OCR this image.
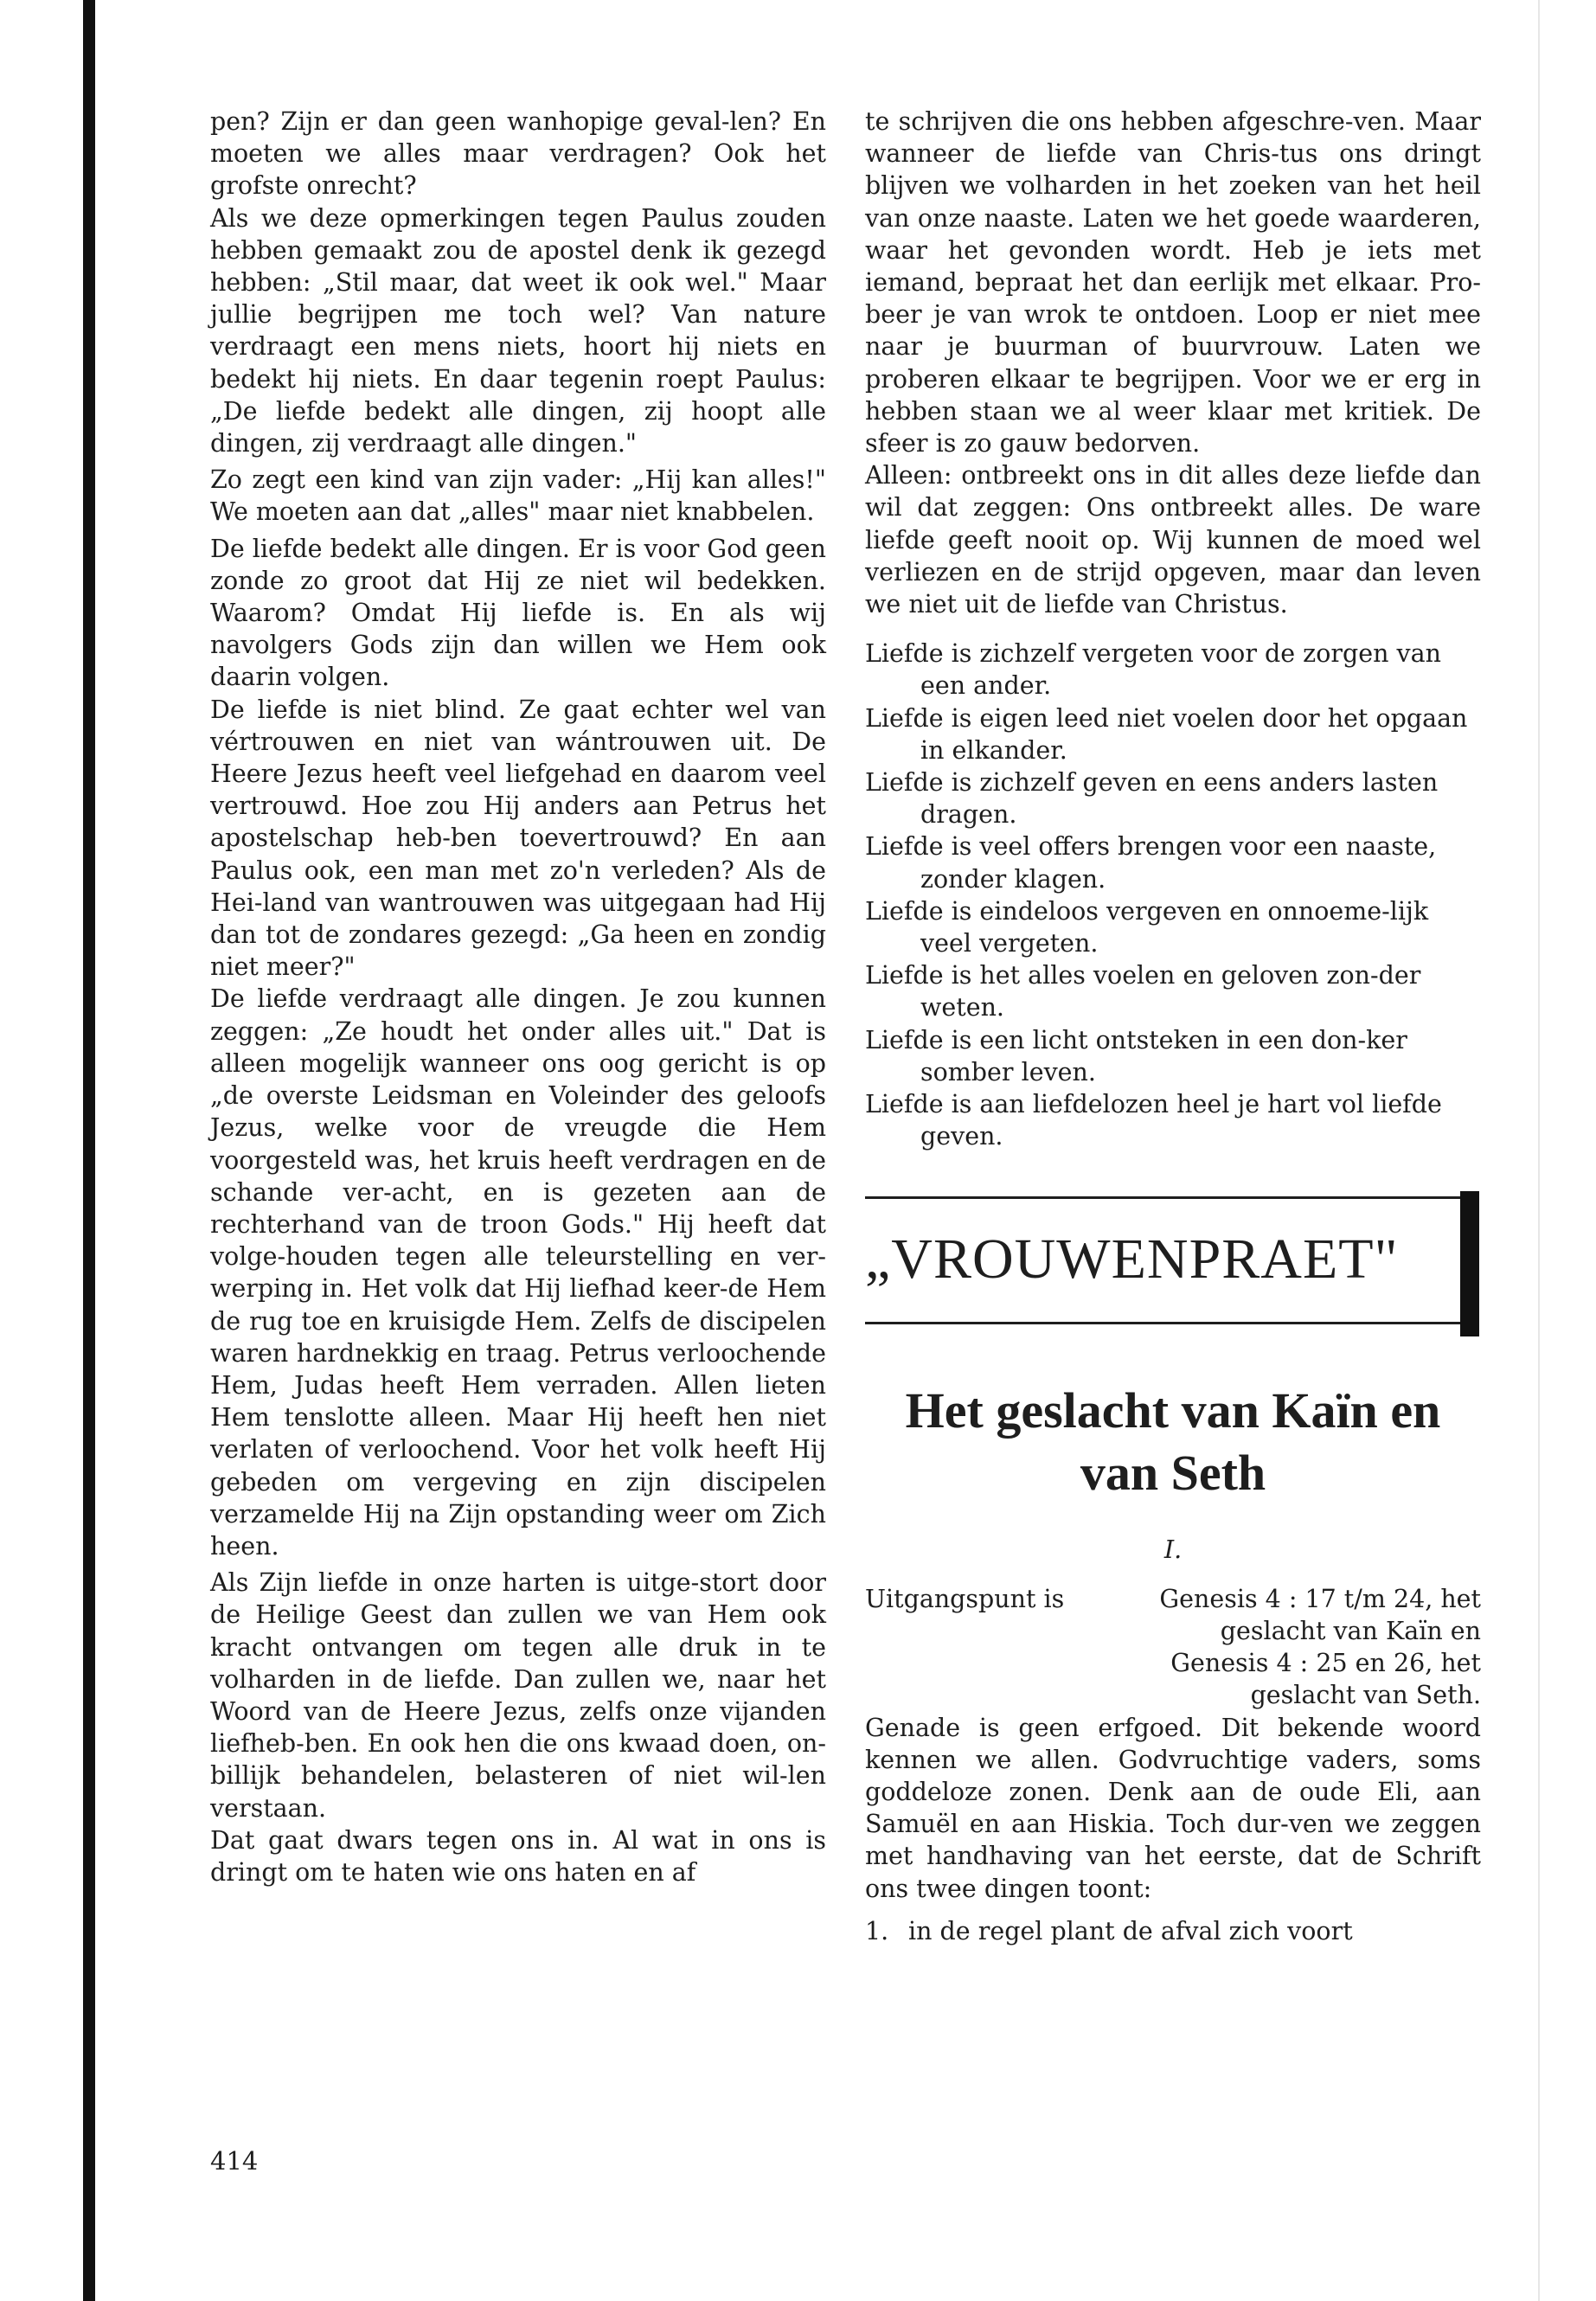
pen? Zijn er dan geen wanhopige geval-len? En moeten we alles maar verdragen? Ook het grofste onrecht?

Als we deze opmerkingen tegen Paulus zouden hebben gemaakt zou de apostel denk ik gezegd hebben: „Stil maar, dat weet ik ook wel." Maar jullie begrijpen me toch wel? Van nature verdraagt een mens niets, hoort hij niets en bedekt hij niets. En daar tegenin roept Paulus: „De liefde bedekt alle dingen, zij hoopt alle dingen, zij verdraagt alle dingen."

Zo zegt een kind van zijn vader: „Hij kan alles!" We moeten aan dat „alles" maar niet knabbelen.

De liefde bedekt alle dingen. Er is voor God geen zonde zo groot dat Hij ze niet wil bedekken. Waarom? Omdat Hij liefde is. En als wij navolgers Gods zijn dan willen we Hem ook daarin volgen.

De liefde is niet blind. Ze gaat echter wel van vértrouwen en niet van wántrouwen uit. De Heere Jezus heeft veel liefgehad en daarom veel vertrouwd. Hoe zou Hij anders aan Petrus het apostelschap heb-ben toevertrouwd? En aan Paulus ook, een man met zo'n verleden? Als de Hei-land van wantrouwen was uitgegaan had Hij dan tot de zondares gezegd: „Ga heen en zondig niet meer?"

De liefde verdraagt alle dingen. Je zou kunnen zeggen: „Ze houdt het onder alles uit." Dat is alleen mogelijk wanneer ons oog gericht is op „de overste Leidsman en Voleinder des geloofs Jezus, welke voor de vreugde die Hem voorgesteld was, het kruis heeft verdragen en de schande ver-acht, en is gezeten aan de rechterhand van de troon Gods." Hij heeft dat volge-houden tegen alle teleurstelling en ver-werping in. Het volk dat Hij liefhad keer-de Hem de rug toe en kruisigde Hem. Zelfs de discipelen waren hardnekkig en traag. Petrus verloochende Hem, Judas heeft Hem verraden. Allen lieten Hem tenslotte alleen. Maar Hij heeft hen niet verlaten of verloochend. Voor het volk heeft Hij gebeden om vergeving en zijn discipelen verzamelde Hij na Zijn opstanding weer om Zich heen.

Als Zijn liefde in onze harten is uitge-stort door de Heilige Geest dan zullen we van Hem ook kracht ontvangen om tegen alle druk in te volharden in de liefde. Dan zullen we, naar het Woord van de Heere Jezus, zelfs onze vijanden liefheb-ben. En ook hen die ons kwaad doen, on-billijk behandelen, belasteren of niet wil-len verstaan.

Dat gaat dwars tegen ons in. Al wat in ons is dringt om te haten wie ons haten en af

te schrijven die ons hebben afgeschre-ven. Maar wanneer de liefde van Chris-tus ons dringt blijven we volharden in het zoeken van het heil van onze naaste. Laten we het goede waarderen, waar het gevonden wordt. Heb je iets met iemand, bepraat het dan eerlijk met elkaar. Pro-beer je van wrok te ontdoen. Loop er niet mee naar je buurman of buurvrouw. Laten we proberen elkaar te begrijpen. Voor we er erg in hebben staan we al weer klaar met kritiek. De sfeer is zo gauw bedorven.

Alleen: ontbreekt ons in dit alles deze liefde dan wil dat zeggen: Ons ontbreekt alles. De ware liefde geeft nooit op. Wij kunnen de moed wel verliezen en de strijd opgeven, maar dan leven we niet uit de liefde van Christus.

Liefde is zichzelf vergeten voor de zorgen van een ander.

Liefde is eigen leed niet voelen door het opgaan in elkander.

Liefde is zichzelf geven en eens anders lasten dragen.

Liefde is veel offers brengen voor een naaste, zonder klagen.

Liefde is eindeloos vergeven en onnoeme-lijk veel vergeten.

Liefde is het alles voelen en geloven zon-der weten.

Liefde is een licht ontsteken in een don-ker somber leven.

Liefde is aan liefdelozen heel je hart vol liefde geven.

„VROUWENPRAET"
Het geslacht van Kaïn en van Seth
I.
Uitgangspunt is	Genesis 4 : 17 t/m 24, het
geslacht van Kaïn en
Genesis 4 : 25 en 26, het
geslacht van Seth.

Genade is geen erfgoed. Dit bekende woord kennen we allen. Godvruchtige vaders, soms goddeloze zonen. Denk aan de oude Eli, aan Samuël en aan Hiskia. Toch dur-ven we zeggen met handhaving van het eerste, dat de Schrift ons twee dingen toont:

1. in de regel plant de afval zich voort
414
